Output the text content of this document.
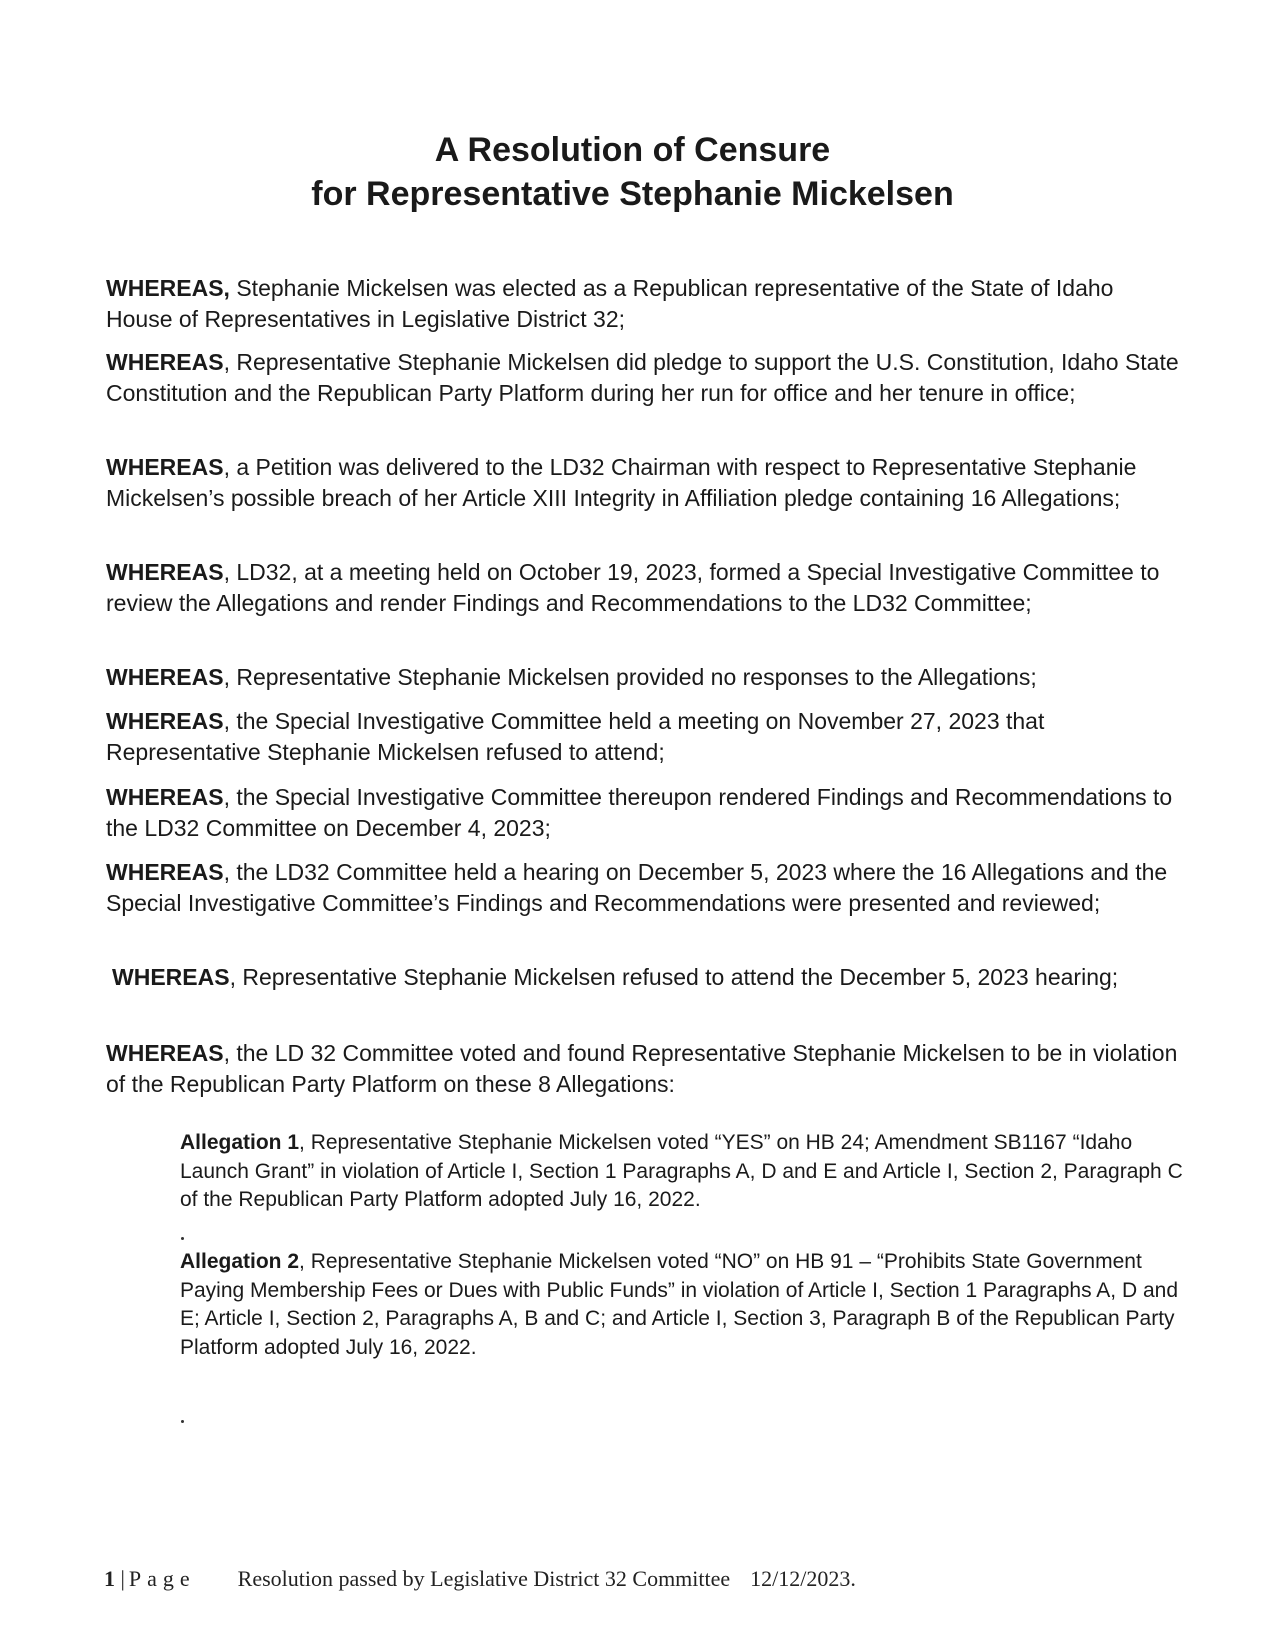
A Resolution of Censure
for Representative Stephanie Mickelsen

WHEREAS, Stephanie Mickelsen was elected as a Republican representative of the State of Idaho House of Representatives in Legislative District 32;

WHEREAS, Representative Stephanie Mickelsen did pledge to support the U.S. Constitution, Idaho State Constitution and the Republican Party Platform during her run for office and her tenure in office;

WHEREAS, a Petition was delivered to the LD32 Chairman with respect to Representative Stephanie Mickelsen’s possible breach of her Article XIII Integrity in Affiliation pledge containing 16 Allegations;

WHEREAS, LD32, at a meeting held on October 19, 2023, formed a Special Investigative Committee to review the Allegations and render Findings and Recommendations to the LD32 Committee;

WHEREAS, Representative Stephanie Mickelsen provided no responses to the Allegations;

WHEREAS, the Special Investigative Committee held a meeting on November 27, 2023 that Representative Stephanie Mickelsen refused to attend;

WHEREAS, the Special Investigative Committee thereupon rendered Findings and Recommendations to the LD32 Committee on December 4, 2023;

WHEREAS, the LD32 Committee held a hearing on December 5, 2023 where the 16 Allegations and the Special Investigative Committee’s Findings and Recommendations were presented and reviewed;

WHEREAS, Representative Stephanie Mickelsen refused to attend the December 5, 2023 hearing;

WHEREAS, the LD 32 Committee voted and found Representative Stephanie Mickelsen to be in violation of the Republican Party Platform on these 8 Allegations:

Allegation 1, Representative Stephanie Mickelsen voted “YES” on HB 24; Amendment SB1167 “Idaho Launch Grant” in violation of Article I, Section 1 Paragraphs A, D and E and Article I, Section 2, Paragraph C of the Republican Party Platform adopted July 16, 2022.

Allegation 2, Representative Stephanie Mickelsen voted “NO” on HB 91 – “Prohibits State Government Paying Membership Fees or Dues with Public Funds” in violation of Article I, Section 1 Paragraphs A, D and E; Article I, Section 2, Paragraphs A, B and C; and Article I, Section 3, Paragraph B of the Republican Party Platform adopted July 16, 2022.

1 | Page Resolution passed by Legislative District 32 Committee 12/12/2023.
